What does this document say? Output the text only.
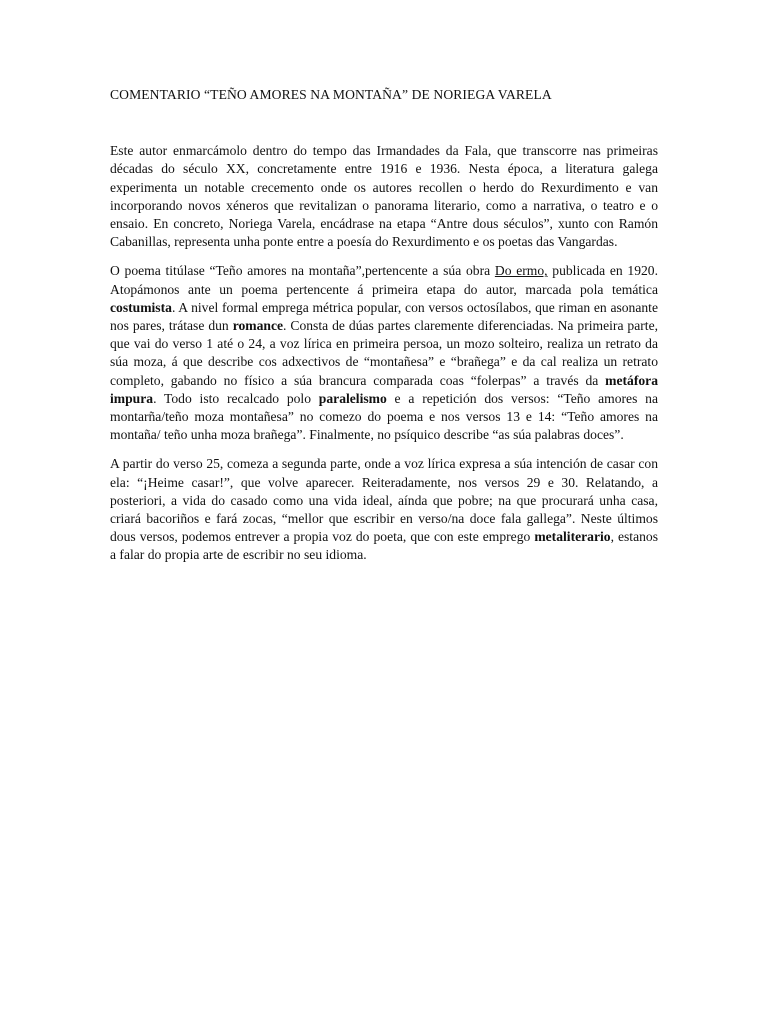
COMENTARIO “TEÑO AMORES NA MONTAÑA” DE NORIEGA VARELA

Este autor enmarcámolo dentro do tempo das Irmandades da Fala, que transcorre nas primeiras décadas do século XX, concretamente entre 1916 e 1936. Nesta época, a literatura galega experimenta un notable crecemento onde os autores recollen o herdo do Rexurdimento e van incorporando novos xéneros que revitalizan o panorama literario, como a narrativa, o teatro e o ensaio. En concreto, Noriega Varela, encádrase na etapa “Antre dous séculos”, xunto con Ramón Cabanillas, representa unha ponte entre a poesía do Rexurdimento e os poetas das Vangardas.

O poema titúlase “Teño amores na montaña”,pertencente a súa obra Do ermo, publicada en 1920. Atopámonos ante un poema pertencente á primeira etapa do autor, marcada pola temática costumista. A nivel formal emprega métrica popular, con versos octosílabos, que riman en asonante nos pares, trátase dun romance. Consta de dúas partes claremente diferenciadas. Na primeira parte, que vai do verso 1 até o 24, a voz lírica en primeira persoa, un mozo solteiro, realiza un retrato da súa moza, á que describe cos adxectivos de “montañesa” e “brañega” e da cal realiza un retrato completo, gabando no físico a súa brancura comparada coas “folerpas” a través da metáfora impura. Todo isto recalcado polo paralelismo e a repetición dos versos: “Teño amores na montarña/teño moza montañesa” no comezo do poema e nos versos 13 e 14: “Teño amores na montaña/ teño unha moza brañega”. Finalmente, no psíquico describe “as súa palabras doces”.

A partir do verso 25, comeza a segunda parte, onde a voz lírica expresa a súa intención de casar con ela: “¡Heime casar!”, que volve aparecer. Reiteradamente, nos versos 29 e 30. Relatando, a posteriori, a vida do casado como una vida ideal, aínda que pobre; na que procurará unha casa, criará bacoriños e fará zocas, “mellor que escribir en verso/na doce fala gallega”. Neste últimos dous versos, podemos entrever a propia voz do poeta, que con este emprego metaliterario, estanos a falar do propia arte de escribir no seu idioma.
